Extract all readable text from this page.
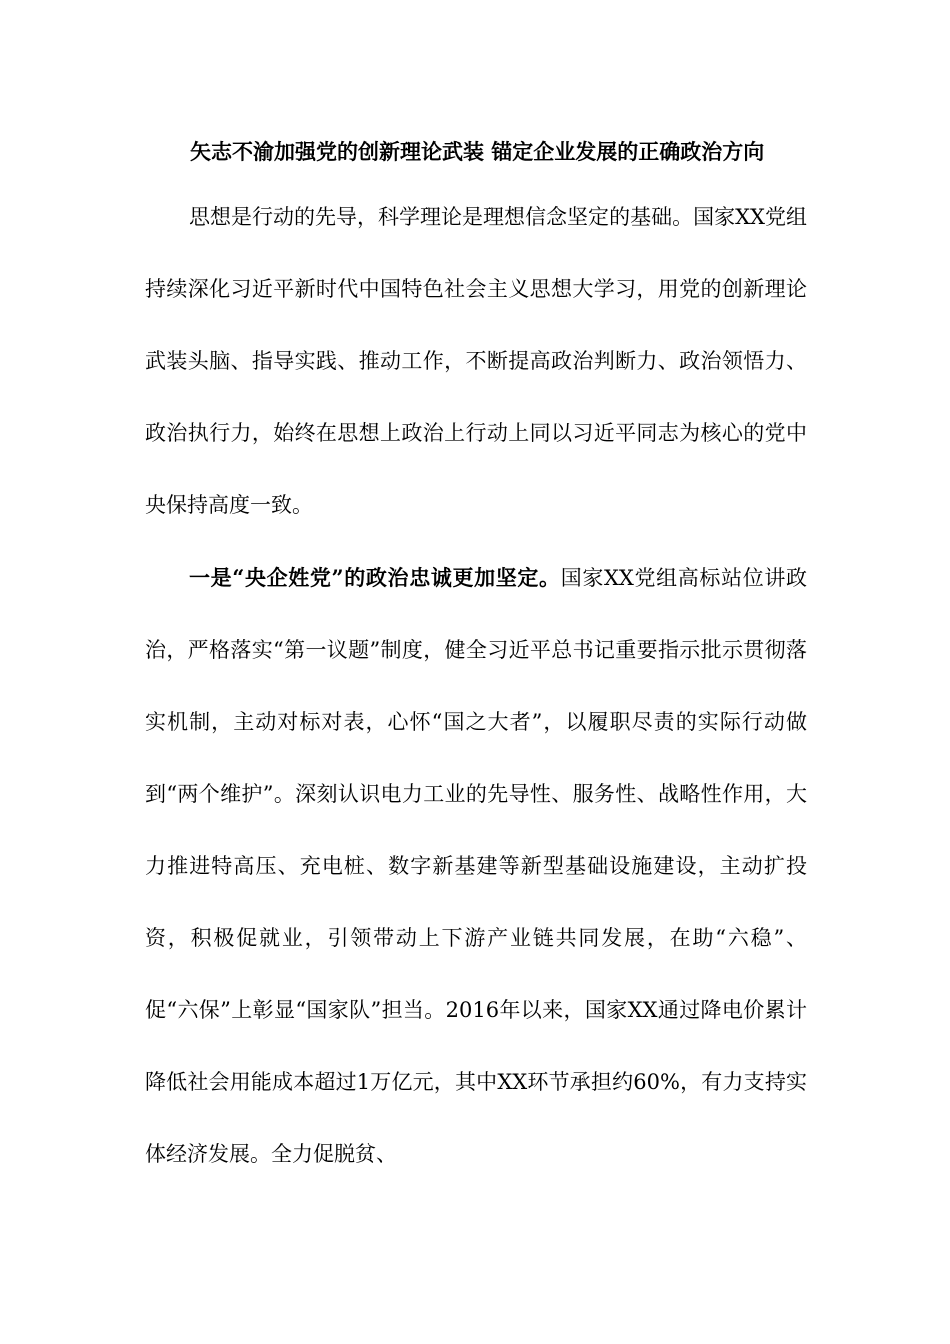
矢志不渝加强党的创新理论武装 锚定企业发展的正确政治方向

思想是行动的先导，科学理论是理想信念坚定的基础。国家XX党组持续深化习近平新时代中国特色社会主义思想大学习，用党的创新理论武装头脑、指导实践、推动工作，不断提高政治判断力、政治领悟力、政治执行力，始终在思想上政治上行动上同以习近平同志为核心的党中央保持高度一致。

一是“央企姓党”的政治忠诚更加坚定。国家XX党组高标站位讲政治，严格落实“第一议题”制度，健全习近平总书记重要指示批示贯彻落实机制，主动对标对表，心怀“国之大者”，以履职尽责的实际行动做到“两个维护”。深刻认识电力工业的先导性、服务性、战略性作用，大力推进特高压、充电桩、数字新基建等新型基础设施建设，主动扩投资，积极促就业，引领带动上下游产业链共同发展，在助“六稳”、促“六保”上彰显“国家队”担当。2016年以来，国家XX通过降电价累计降低社会用能成本超过1万亿元，其中XX环节承担约60%，有力支持实体经济发展。全力促脱贫、
